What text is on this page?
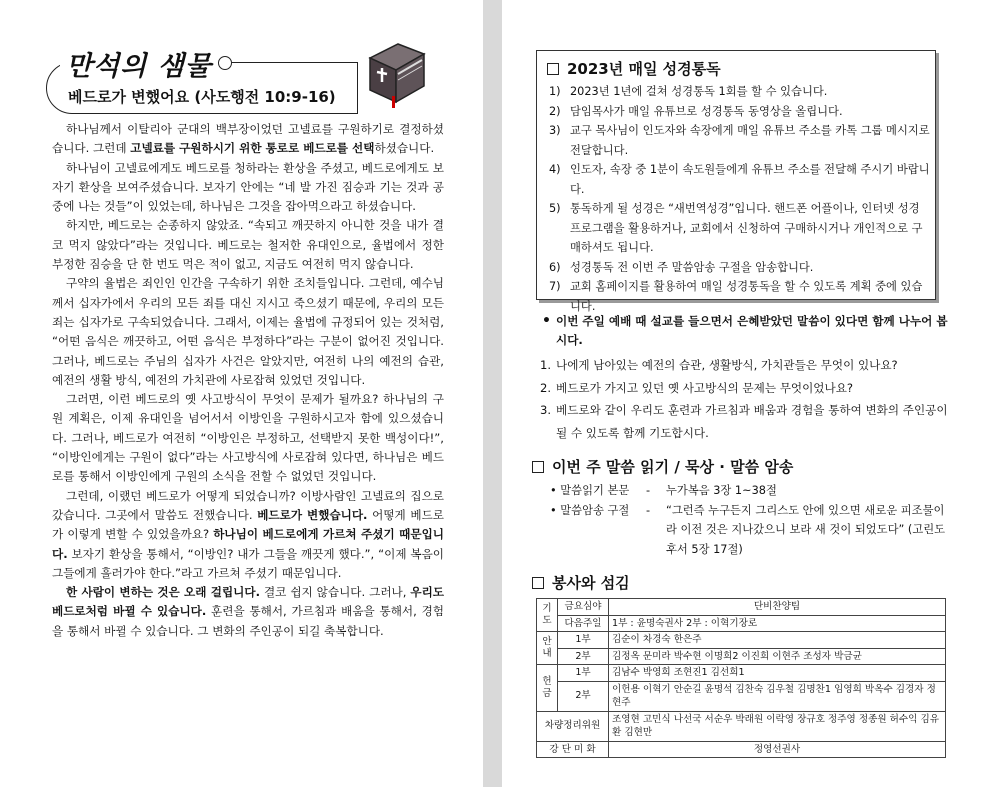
만석의 샘물
베드로가 변했어요 (사도행전 10:9-16)

하나님께서 이탈리아 군대의 백부장이었던 고넬료를 구원하기로 결정하셨습니다. 그런데 고넬료를 구원하시기 위한 통로로 베드로를 선택하셨습니다.

하나님이 고넬료에게도 베드로를 청하라는 환상을 주셨고, 베드로에게도 보자기 환상을 보여주셨습니다. 보자기 안에는 “네 발 가진 짐승과 기는 것과 공중에 나는 것들”이 있었는데, 하나님은 그것을 잡아먹으라고 하셨습니다.

하지만, 베드로는 순종하지 않았죠. “속되고 깨끗하지 아니한 것을 내가 결코 먹지 않았다”라는 것입니다. 베드로는 철저한 유대인으로, 율법에서 정한 부정한 짐승을 단 한 번도 먹은 적이 없고, 지금도 여전히 먹지 않습니다.

구약의 율법은 죄인인 인간을 구속하기 위한 조치들입니다. 그런데, 예수님께서 십자가에서 우리의 모든 죄를 대신 지시고 죽으셨기 때문에, 우리의 모든 죄는 십자가로 구속되었습니다. 그래서, 이제는 율법에 규정되어 있는 것처럼, “어떤 음식은 깨끗하고, 어떤 음식은 부정하다”라는 구분이 없어진 것입니다. 그러나, 베드로는 주님의 십자가 사건은 알았지만, 여전히 나의 예전의 습관, 예전의 생활 방식, 예전의 가치관에 사로잡혀 있었던 것입니다.

그러면, 이런 베드로의 옛 사고방식이 무엇이 문제가 될까요? 하나님의 구원 계획은, 이제 유대인을 넘어서서 이방인을 구원하시고자 함에 있으셨습니다. 그러나, 베드로가 여전히 “이방인은 부정하고, 선택받지 못한 백성이다!”, “이방인에게는 구원이 없다”라는 사고방식에 사로잡혀 있다면, 하나님은 베드로를 통해서 이방인에게 구원의 소식을 전할 수 없었던 것입니다.

그런데, 이랬던 베드로가 어떻게 되었습니까? 이방사람인 고넬료의 집으로 갔습니다. 그곳에서 말씀도 전했습니다. 베드로가 변했습니다. 어떻게 베드로가 이렇게 변할 수 있었을까요? 하나님이 베드로에게 가르쳐 주셨기 때문입니다. 보자기 환상을 통해서, “이방인? 내가 그들을 깨끗게 했다.”, “이제 복음이 그들에게 흘러가야 한다.”라고 가르쳐 주셨기 때문입니다.

한 사람이 변하는 것은 오래 걸립니다. 결코 쉽지 않습니다. 그러나, 우리도 베드로처럼 바뀔 수 있습니다. 훈련을 통해서, 가르침과 배움을 통해서, 경험을 통해서 바뀔 수 있습니다. 그 변화의 주인공이 되길 축복합니다.

2023년 매일 성경통독
1) 2023년 1년에 걸쳐 성경통독 1회를 할 수 있습니다.
2) 담임목사가 매일 유튜브로 성경통독 동영상을 올립니다.
3) 교구 목사님이 인도자와 속장에게 매일 유튜브 주소를 카톡 그룹 메시지로 전달합니다.
4) 인도자, 속장 중 1분이 속도원들에게 유튜브 주소를 전달해 주시기 바랍니다.
5) 통독하게 될 성경은 “새번역성경”입니다. 핸드폰 어플이나, 인터넷 성경 프로그램을 활용하거나, 교회에서 신청하여 구매하시거나 개인적으로 구매하셔도 됩니다.
6) 성경통독 전 이번 주 말씀암송 구절을 암송합니다.
7) 교회 홈페이지를 활용하여 매일 성경통독을 할 수 있도록 계획 중에 있습니다.
• 이번 주일 예배 때 설교를 들으면서 은혜받았던 말씀이 있다면 함께 나누어 봅시다.
1. 나에게 남아있는 예전의 습관, 생활방식, 가치관들은 무엇이 있나요?
2. 베드로가 가지고 있던 옛 사고방식의 문제는 무엇이었나요?
3. 베드로와 같이 우리도 훈련과 가르침과 배움과 경험을 통하여 변화의 주인공이 될 수 있도록 함께 기도합시다.
이번 주 말씀 읽기 / 묵상 · 말씀 암송
• 말씀읽기 본문	-	누가복음 3장 1~38절
• 말씀암송 구절	-	“그런즉 누구든지 그리스도 안에 있으면 새로운 피조물이라 이전 것은 지나갔으니 보라 새 것이 되었도다” (고린도후서 5장 17절)
봉사와 섬김
기도	금요심야	단비찬양팀
	다음주일	1부 : 윤명숙권사 2부 : 이혁기장로
안내	1부	김순이 차경숙 한은주
	2부	김정옥 문미라 박수현 이명희2 이진희 이현주 조성자 박금균
헌금	1부	김남수 박영희 조현진1 김선희1
	2부	이헌용 이혁기 안순길 윤명석 김찬숙 김우철 김명찬1 임영희 박옥수 김경자 정현주
차량정리위원		조영현 고민식 나선국 서순우 박래원 이락영 장규호 정주영 정종원 허수익 김유환 김현만
강 단 미 화		정영선권사
